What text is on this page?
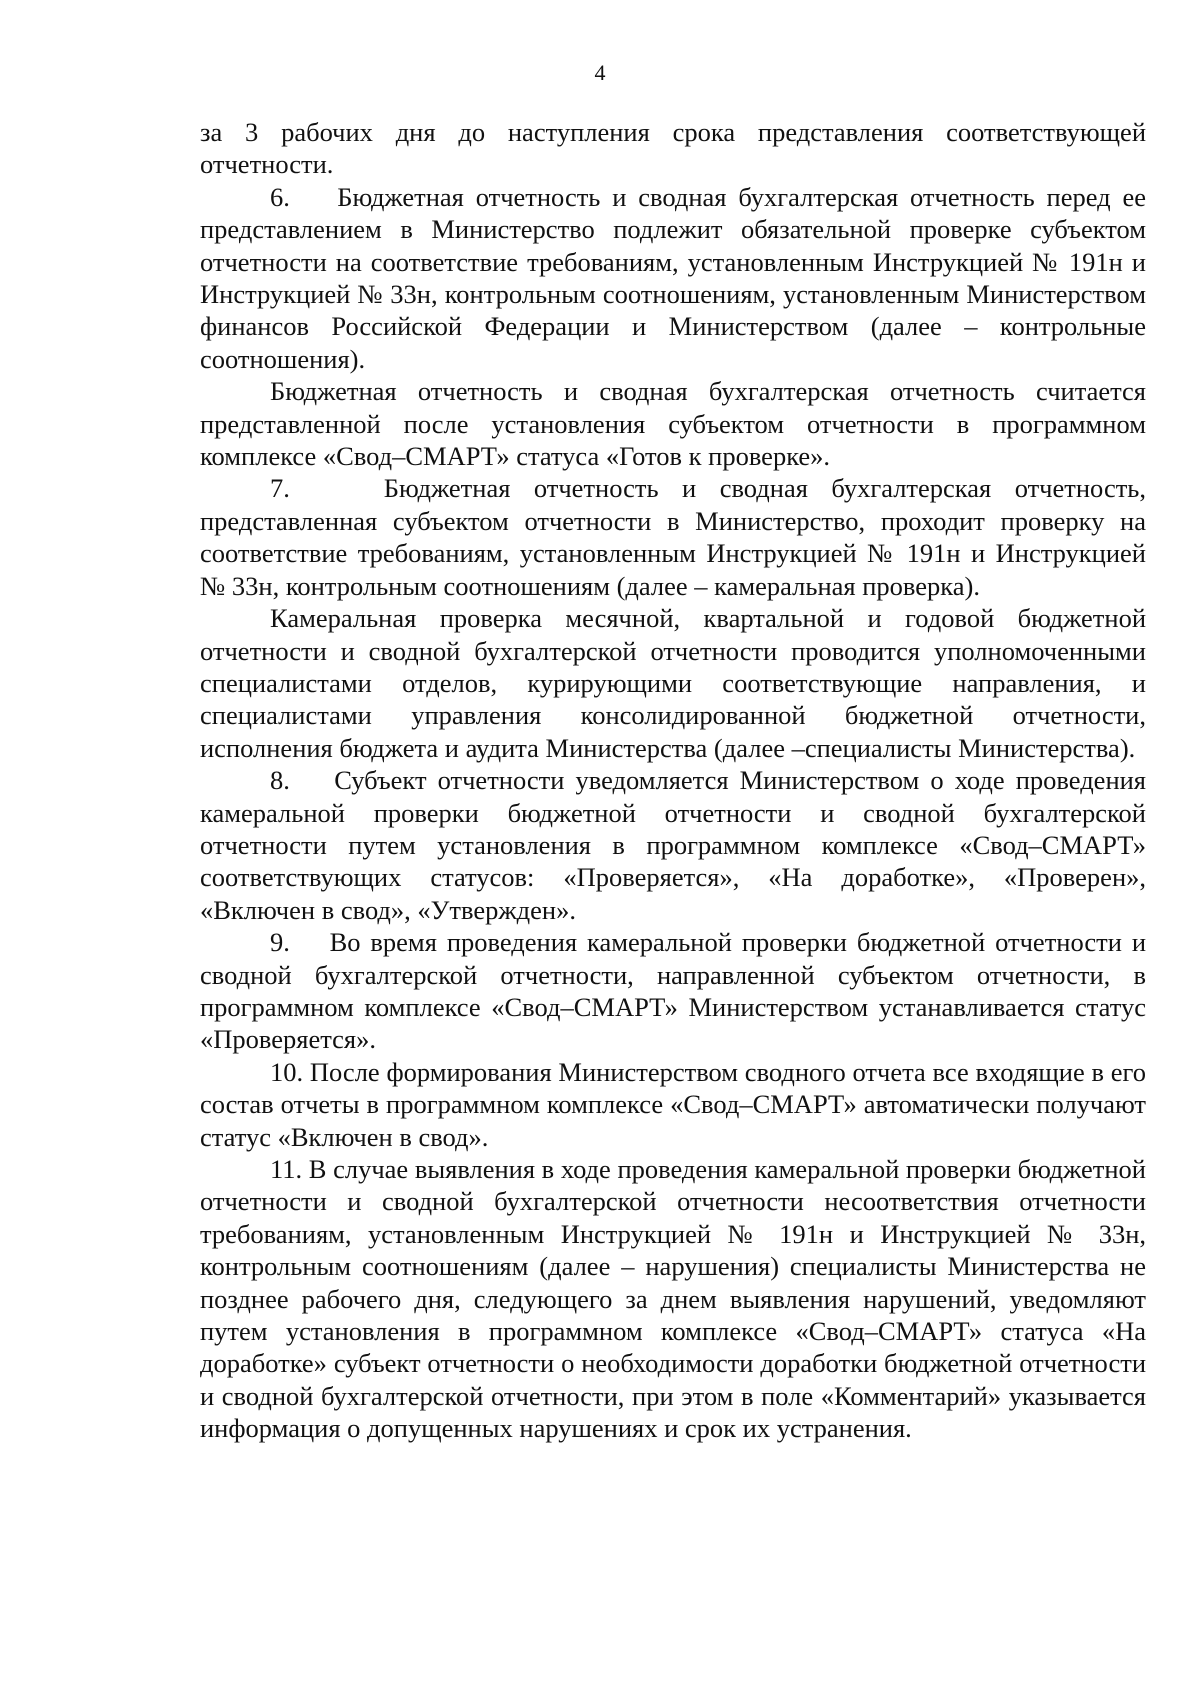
4

за 3 рабочих дня до наступления срока представления соответствующей отчетности.

6.    Бюджетная отчетность и сводная бухгалтерская отчетность перед ее представлением в Министерство подлежит обязательной проверке субъектом отчетности на соответствие требованиям, установленным Инструкцией № 191н и Инструкцией № 33н, контрольным соотношениям, установленным Министерством финансов Российской Федерации и Министерством (далее – контрольные соотношения).

Бюджетная отчетность и сводная бухгалтерская отчетность считается представленной после установления субъектом отчетности в программном комплексе «Свод–СМАРТ» статуса «Готов к проверке».

7.    Бюджетная отчетность и сводная бухгалтерская отчетность, представленная субъектом отчетности в Министерство, проходит проверку на соответствие требованиям, установленным Инструкцией № 191н и Инструкцией № 33н, контрольным соотношениям (далее – камеральная проверка).

Камеральная проверка месячной, квартальной и годовой бюджетной отчетности и сводной бухгалтерской отчетности проводится уполномоченными специалистами отделов, курирующими соответствующие направления, и специалистами управления консолидированной бюджетной отчетности, исполнения бюджета и аудита Министерства (далее –специалисты Министерства).

8.    Субъект отчетности уведомляется Министерством о ходе проведения камеральной проверки бюджетной отчетности и сводной бухгалтерской отчетности путем установления в программном комплексе «Свод–СМАРТ» соответствующих статусов: «Проверяется», «На доработке», «Проверен», «Включен в свод», «Утвержден».

9.    Во время проведения камеральной проверки бюджетной отчетности и сводной бухгалтерской отчетности, направленной субъектом отчетности, в программном комплексе «Свод–СМАРТ» Министерством устанавливается статус «Проверяется».

10. После формирования Министерством сводного отчета все входящие в его состав отчеты в программном комплексе «Свод–СМАРТ» автоматически получают статус «Включен в свод».

11. В случае выявления в ходе проведения камеральной проверки бюджетной отчетности и сводной бухгалтерской отчетности несоответствия отчетности требованиям, установленным Инструкцией № 191н и Инструкцией № 33н, контрольным соотношениям (далее – нарушения) специалисты Министерства не позднее рабочего дня, следующего за днем выявления нарушений, уведомляют путем установления в программном комплексе «Свод–СМАРТ» статуса «На доработке» субъект отчетности о необходимости доработки бюджетной отчетности и сводной бухгалтерской отчетности, при этом в поле «Комментарий» указывается информация о допущенных нарушениях и срок их устранения.
